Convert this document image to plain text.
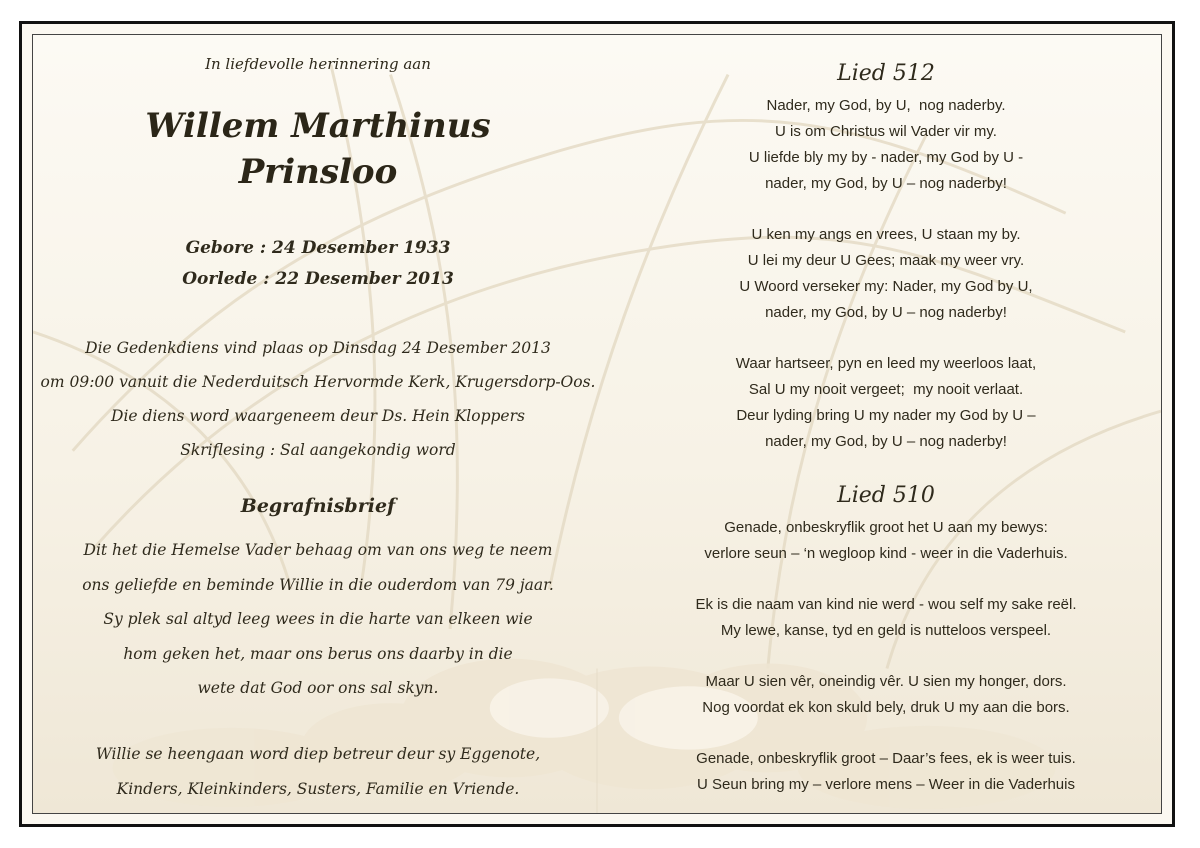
In liefdevolle herinnering aan
Willem Marthinus
Prinsloo
Gebore : 24 Desember 1933
Oorlede : 22 Desember 2013
Die Gedenkdiens vind plaas op Dinsdag 24 Desember 2013
om 09:00 vanuit die Nederduitsch Hervormde Kerk, Krugersdorp-Oos.
Die diens word waargeneem deur Ds. Hein Kloppers
Skriflesing : Sal aangekondig word
Begrafnisbrief
Dit het die Hemelse Vader behaag om van ons weg te neem
ons geliefde en beminde Willie in die ouderdom van 79 jaar.
Sy plek sal altyd leeg wees in die harte van elkeen wie
hom geken het, maar ons berus ons daarby in die
wete dat God oor ons sal skyn.
Willie se heengaan word diep betreur deur sy Eggenote,
Kinders, Kleinkinders, Susters, Familie en Vriende.
Lied 512
Nader, my God, by U,  nog naderby.
U is om Christus wil Vader vir my.
U liefde bly my by - nader, my God by U -
nader, my God, by U – nog naderby!
U ken my angs en vrees, U staan my by.
U lei my deur U Gees; maak my weer vry.
U Woord verseker my: Nader, my God by U,
nader, my God, by U – nog naderby!
Waar hartseer, pyn en leed my weerloos laat,
Sal U my nooit vergeet;  my nooit verlaat.
Deur lyding bring U my nader my God by U –
nader, my God, by U – nog naderby!
Lied 510
Genade, onbeskryflik groot het U aan my bewys:
verlore seun – ‘n wegloop kind - weer in die Vaderhuis.
Ek is die naam van kind nie werd - wou self my sake reël.
My lewe, kanse, tyd en geld is nutteloos verspeel.
Maar U sien vêr, oneindig vêr. U sien my honger, dors.
Nog voordat ek kon skuld bely, druk U my aan die bors.
Genade, onbeskryflik groot – Daar’s fees, ek is weer tuis.
U Seun bring my – verlore mens – Weer in die Vaderhuis
